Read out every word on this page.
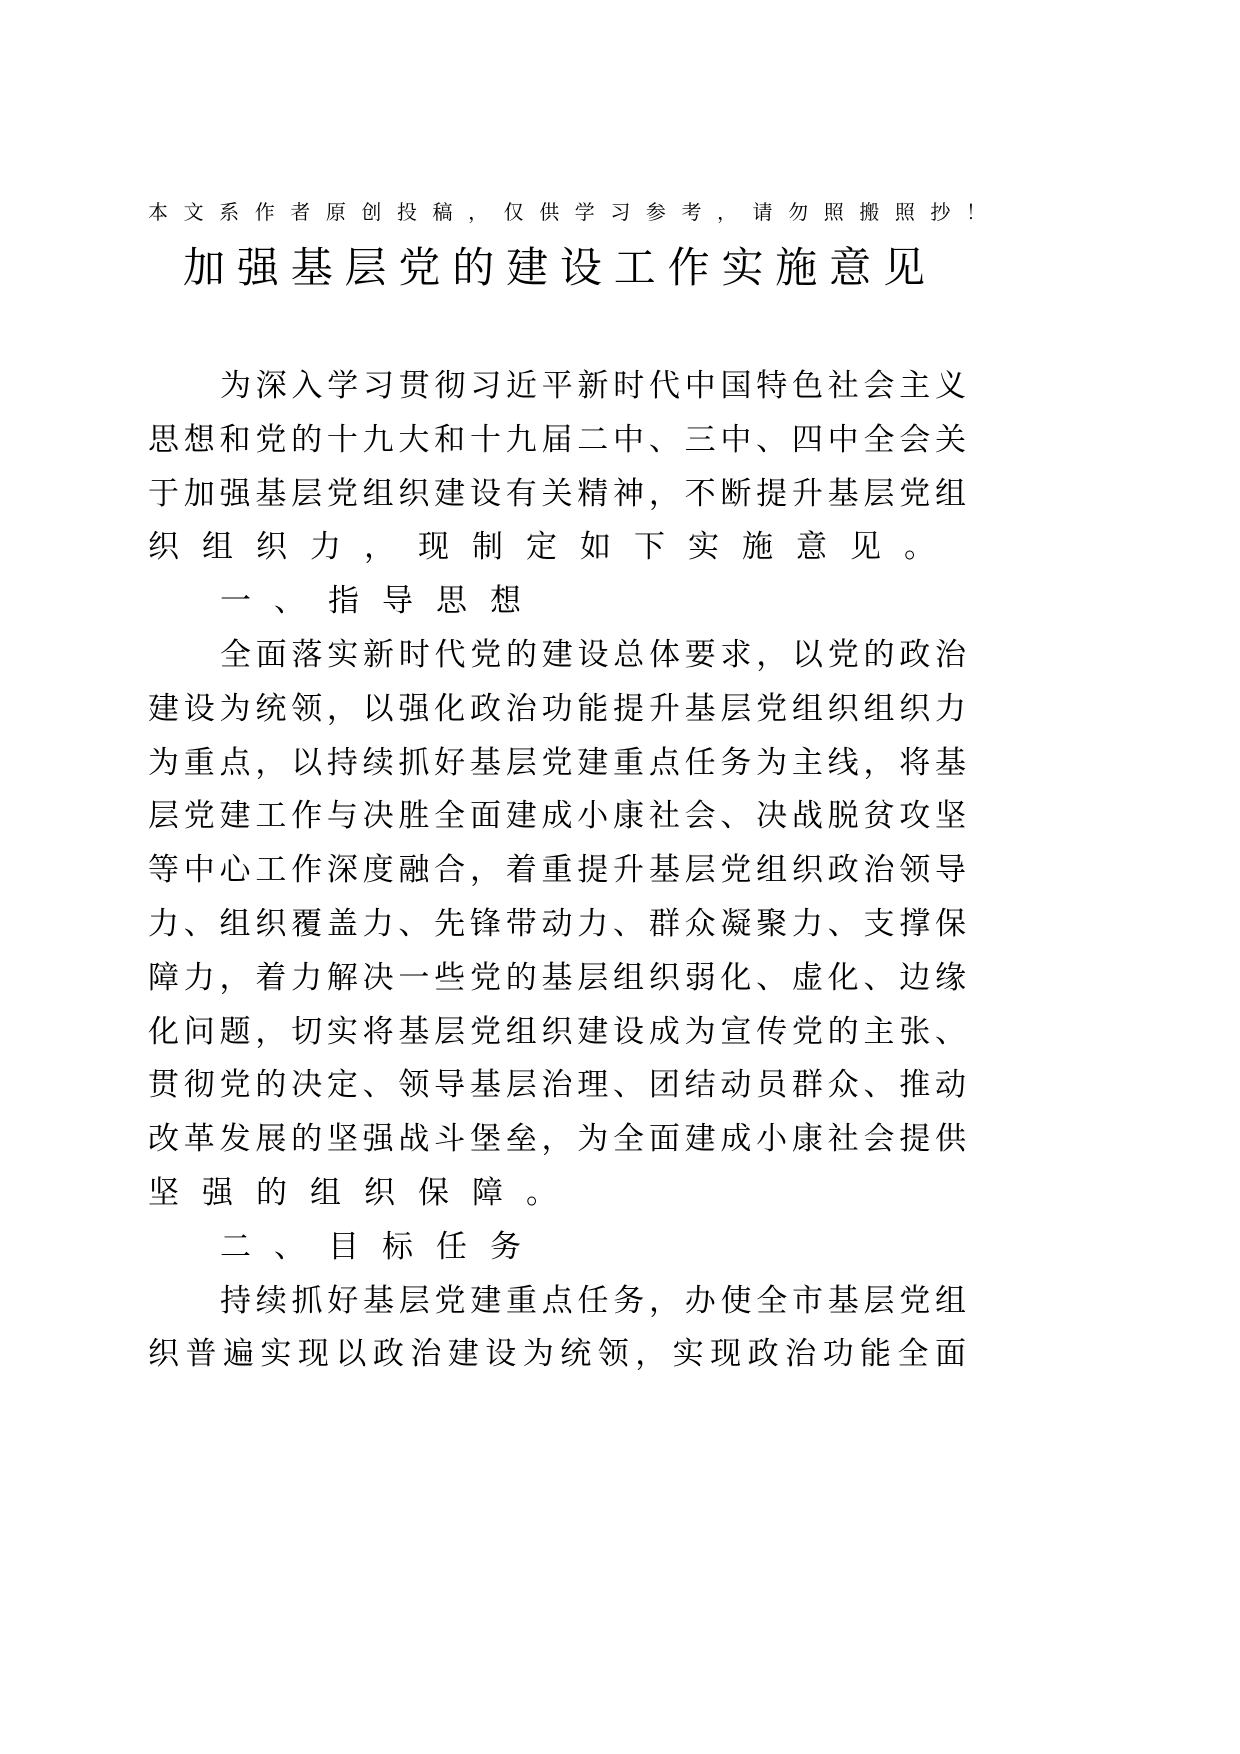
本文系作者原创投稿，仅供学习参考，请勿照搬照抄！
加强基层党的建设工作实施意见
为深入学习贯彻习近平新时代中国特色社会主义
思想和党的十九大和十九届二中、三中、四中全会关
于加强基层党组织建设有关精神，不断提升基层党组
织组织力，现制定如下实施意见。
一、指导思想
全面落实新时代党的建设总体要求，以党的政治
建设为统领，以强化政治功能提升基层党组织组织力
为重点，以持续抓好基层党建重点任务为主线，将基
层党建工作与决胜全面建成小康社会、决战脱贫攻坚
等中心工作深度融合，着重提升基层党组织政治领导
力、组织覆盖力、先锋带动力、群众凝聚力、支撑保
障力，着力解决一些党的基层组织弱化、虚化、边缘
化问题，切实将基层党组织建设成为宣传党的主张、
贯彻党的决定、领导基层治理、团结动员群众、推动
改革发展的坚强战斗堡垒，为全面建成小康社会提供
坚强的组织保障。
二、目标任务
持续抓好基层党建重点任务，办使全市基层党组
织普遍实现以政治建设为统领，实现政治功能全面
